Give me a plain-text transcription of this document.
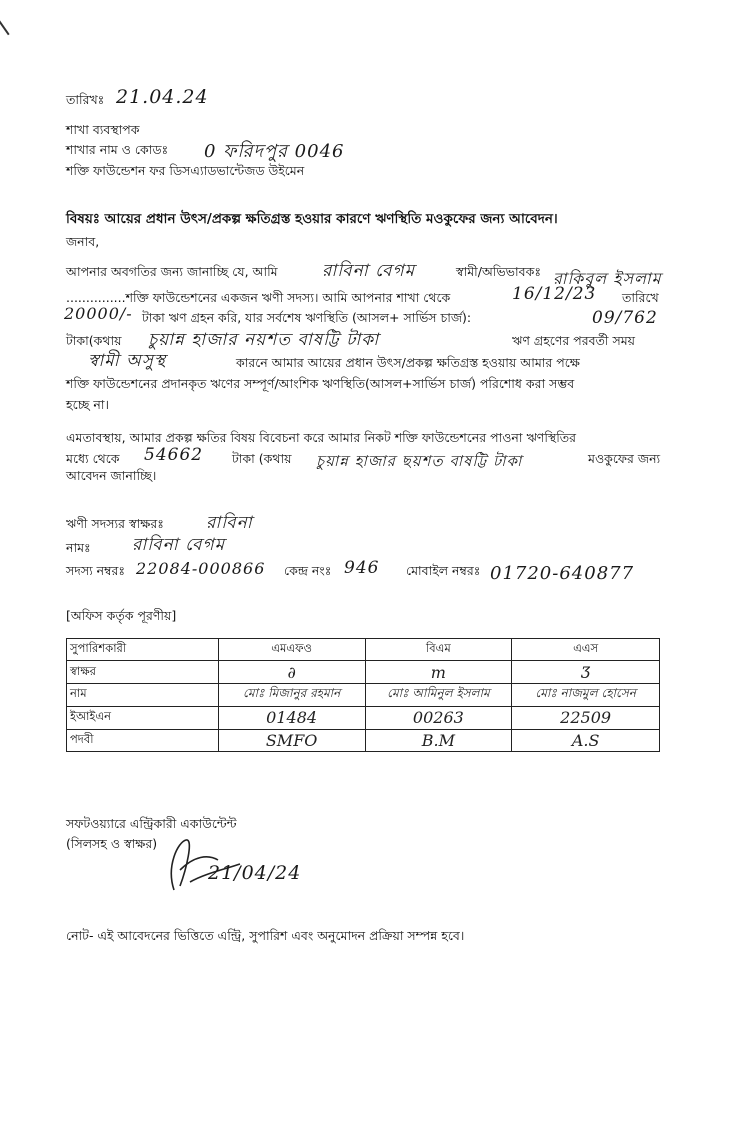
তারিখঃ 21.04.24
শাখা ব্যবস্থাপক
শাখার নাম ও কোডঃ 0 ফরিদপুর 0046
শক্তি ফাউন্ডেশন ফর ডিসএ্যাডভান্টেজড উইমেন
বিষয়ঃ আয়ের প্রধান উৎস/প্রকল্প ক্ষতিগ্রস্ত হওয়ার কারণে ঋণস্থিতি মওকুফের জন্য আবেদন।
জনাব,
আপনার অবগতির জন্য জানাচ্ছি যে, আমি	রাবিনা বেগম	স্বামী/অভিভাবকঃ রাকিবুল ইসলাম
...............শক্তি ফাউন্ডেশনের একজন ঋণী সদস্য। আমি আপনার শাখা থেকে	16/12/23 তারিখে
20000/- টাকা ঋণ গ্রহন করি, যার সর্বশেষ ঋণস্থিতি (আসল+ সার্ভিস চার্জ):	09/762
টাকা(কথায় চুয়ান্ন হাজার নয়শত বাষট্টি টাকা	ঋণ গ্রহণের পরবর্তী সময়
স্বামী অসুস্থ	কারনে আমার আয়ের প্রধান উৎস/প্রকল্প ক্ষতিগ্রস্ত হওয়ায় আমার পক্ষে
শক্তি ফাউন্ডেশনের প্রদানকৃত ঋণের সম্পূর্ণ/আংশিক ঋণস্থিতি(আসল+সার্ভিস চার্জ) পরিশোধ করা সম্ভব
হচ্ছে না।
এমতাবস্থায়, আমার প্রকল্প ক্ষতির বিষয় বিবেচনা করে আমার নিকট শক্তি ফাউন্ডেশনের পাওনা ঋণস্থিতির
মধ্যে থেকে 54662 টাকা (কথায় চুয়ান্ন হাজার ছয়শত বাষট্টি টাকা	মওকুফের জন্য
আবেদন জানাচ্ছি।
ঋণী সদস্যর স্বাক্ষরঃ রাবিনা
নামঃ রাবিনা বেগম
সদস্য নম্বরঃ 22084-000866 কেন্দ্র নংঃ 946 মোবাইল নম্বরঃ 01720-640877
[অফিস কর্তৃক পূরণীয়]
সুপারিশকারী	এমএফও	বিএম	এএস
স্বাক্ষর	∂	m	Ӡ
নাম	মোঃ মিজানুর রহমান	মোঃ আমিনুল ইসলাম	মোঃ নাজমুল হোসেন
ইআইএন	01484	00263	22509
পদবী	SMFO	B.M	A.S
সফটওয়্যারে এন্ট্রিকারী একাউন্টেন্ট
(সিলসহ ও স্বাক্ষর)
21/04/24
নোট- এই আবেদনের ভিত্তিতে এন্ট্রি, সুপারিশ এবং অনুমোদন প্রক্রিয়া সম্পন্ন হবে।
